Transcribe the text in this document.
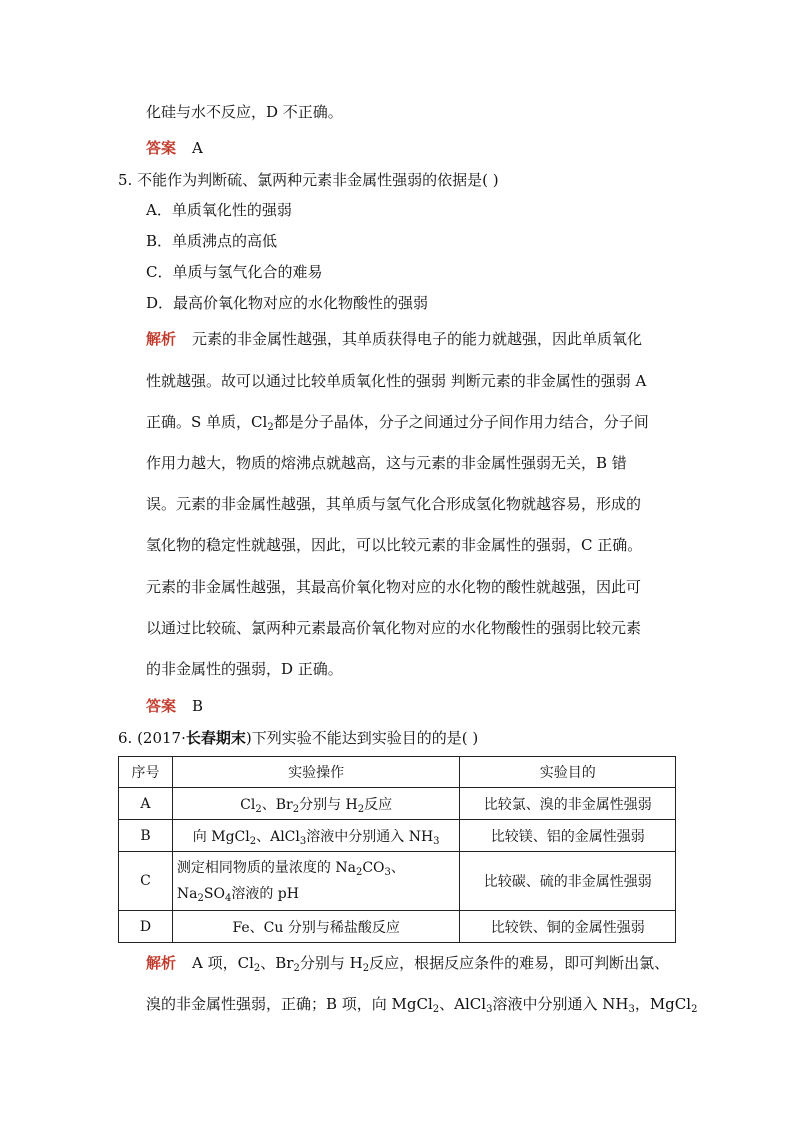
化硅与水不反应，D 不正确。
答案 A
5. 不能作为判断硫、氯两种元素非金属性强弱的依据是( )
A．单质氧化性的强弱
B．单质沸点的高低
C．单质与氢气化合的难易
D．最高价氧化物对应的水化物酸性的强弱
解析 元素的非金属性越强，其单质获得电子的能力就越强，因此单质氧化
性就越强。故可以通过比较单质氧化性的强弱 判断元素的非金属性的强弱 A
正确。S 单质，$Cl_2$都是分子晶体，分子之间通过分子间作用力结合，分子间
作用力越大，物质的熔沸点就越高，这与元素的非金属性强弱无关，B 错
误。元素的非金属性越强，其单质与氢气化合形成氢化物就越容易，形成的
氢化物的稳定性就越强，因此，可以比较元素的非金属性的强弱，C 正确。
元素的非金属性越强，其最高价氧化物对应的水化物的酸性就越强，因此可
以通过比较硫、氯两种元素最高价氧化物对应的水化物酸性的强弱比较元素
的非金属性的强弱，D 正确。
答案 B
6. (2017·长春期末)下列实验不能达到实验目的的是( )
序号	实验操作	实验目的
A	$Cl_2$、$Br_2$分别与 $H_2$反应	比较氯、溴的非金属性强弱
B	向 MgCl$_2$、AlCl$_3$溶液中分别通入 $NH_3$	比较镁、铝的金属性强弱
C	测定相同物质的量浓度的 $Na_2CO_3$、
$Na_2SO_4$溶液的 pH	比较碳、硫的非金属性强弱
D	Fe、Cu 分别与稀盐酸反应	比较铁、铜的金属性强弱
解析 A 项，$Cl_2$、$Br_2$分别与 $H_2$反应，根据反应条件的难易，即可判断出氯、
溴的非金属性强弱，正确；B 项，向 MgCl$_2$、AlCl$_3$溶液中分别通入 $NH_3$，MgCl$_2$
